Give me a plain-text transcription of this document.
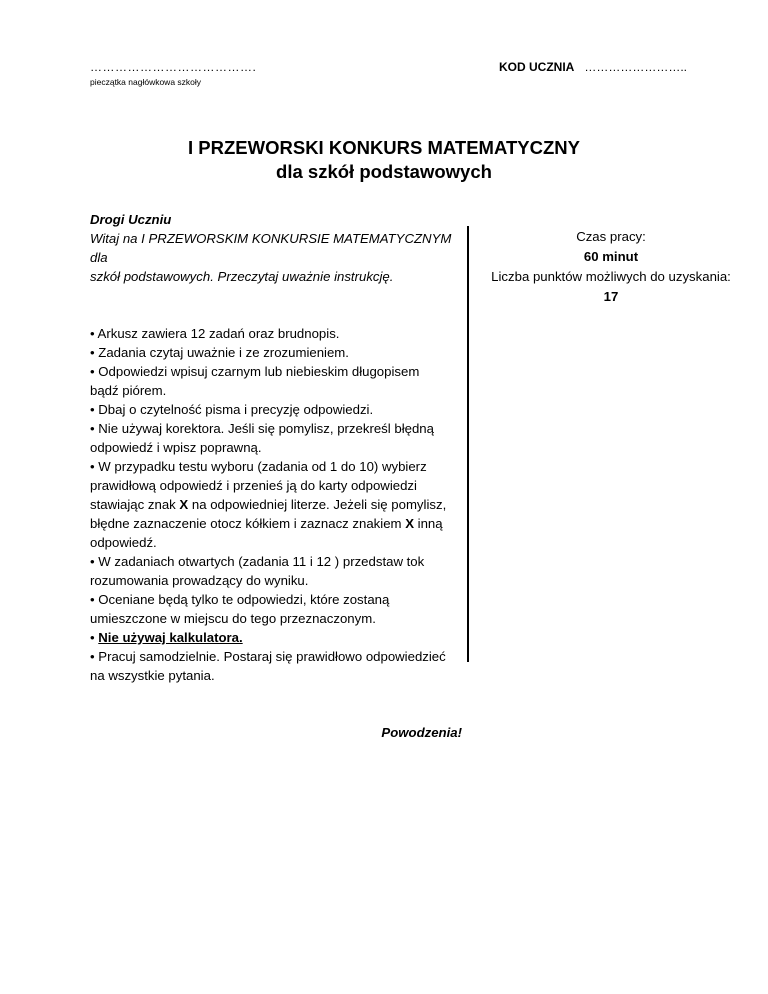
………………………………….
pieczątka nagłówkowa szkoły
KOD UCZNIA ……………………..
I PRZEWORSKI KONKURS MATEMATYCZNY
dla szkół podstawowych
Drogi Uczniu
Witaj na I PRZEWORSKIM KONKURSIE MATEMATYCZNYM dla
szkół podstawowych. Przeczytaj uważnie instrukcję.

• Arkusz zawiera 12 zadań oraz brudnopis.

• Zadania czytaj uważnie i ze zrozumieniem.

• Odpowiedzi wpisuj czarnym lub niebieskim długopisem

bądź piórem.

• Dbaj o czytelność pisma i precyzję odpowiedzi.

• Nie używaj korektora. Jeśli się pomylisz, przekreśl błędną

odpowiedź i wpisz poprawną.

• W przypadku testu wyboru (zadania od 1 do 10) wybierz

prawidłową odpowiedź i przenieś ją do karty odpowiedzi

stawiając znak X na odpowiedniej literze. Jeżeli się pomylisz,

błędne zaznaczenie otocz kółkiem i zaznacz znakiem X inną

odpowiedź.

• W zadaniach otwartych (zadania 11 i 12 ) przedstaw tok

rozumowania prowadzący do wyniku.

• Oceniane będą tylko te odpowiedzi, które zostaną

umieszczone w miejscu do tego przeznaczonym.

• Nie używaj kalkulatora.

• Pracuj samodzielnie. Postaraj się prawidłowo odpowiedzieć

na wszystkie pytania.

Powodzenia!
Czas pracy:
60 minut
Liczba punktów możliwych do uzyskania:
17
